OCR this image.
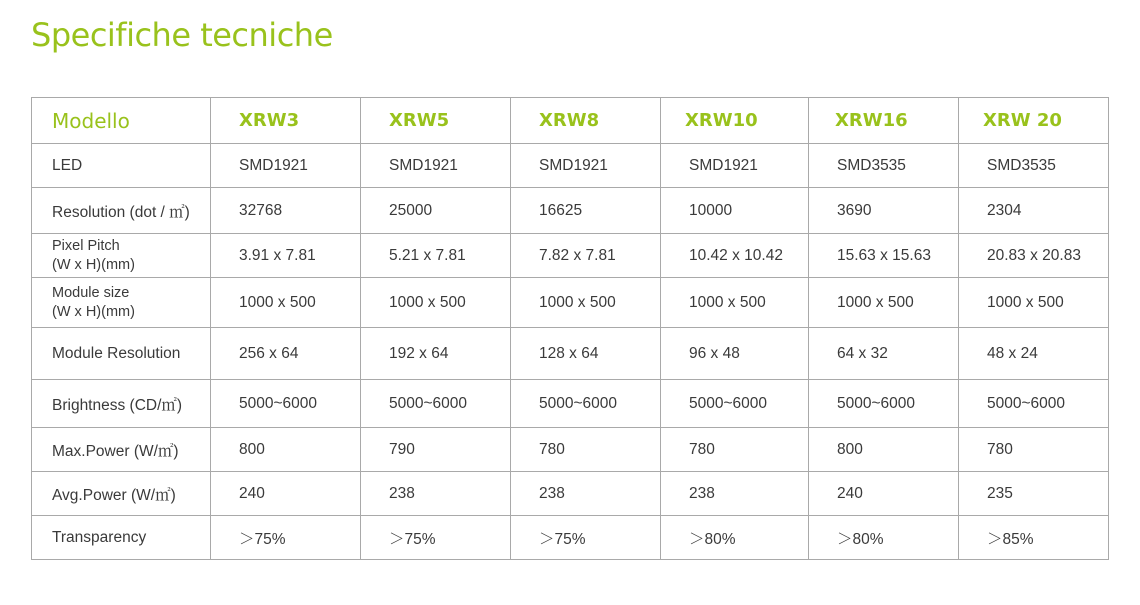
Specifiche tecniche
Modello	XRW3	XRW5	XRW8	XRW10	XRW16	XRW 20

LED	SMD1921	SMD1921	SMD1921	SMD1921	SMD3535	SMD3535

Resolution (dot / ㎡)	32768	25000	16625	10000	3690	2304

Pixel Pitch
(W x H)(mm)	3.91 x 7.81	5.21 x 7.81	7.82 x 7.81	10.42 x 10.42	15.63 x 15.63	20.83 x 20.83

Module size
(W x H)(mm)	1000 x 500	1000 x 500	1000 x 500	1000 x 500	1000 x 500	1000 x 500

Module Resolution	256 x 64	192 x 64	128 x 64	96 x 48	64 x 32	48 x 24

Brightness (CD/㎡)	5000~6000	5000~6000	5000~6000	5000~6000	5000~6000	5000~6000

Max.Power (W/㎡)	800	790	780	780	800	780

Avg.Power (W/㎡)	240	238	238	238	240	235

Transparency	＞75%	＞75%	＞75%	＞80%	＞80%	＞85%
